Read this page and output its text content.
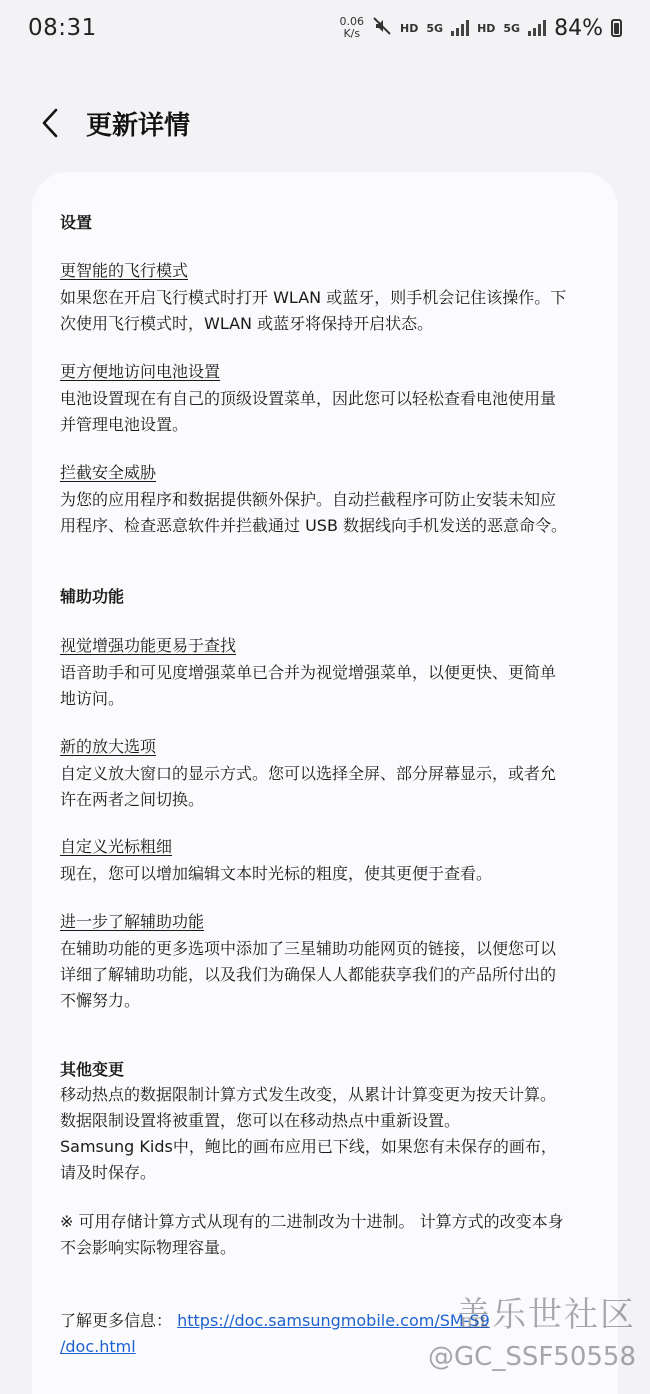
08:31	0.06
K/s	HD 5G	HD 5G 84%
更新详情

设置

更智能的飞行模式

如果您在开启飞行模式时打开 WLAN 或蓝牙，则手机会记住该操作。下

次使用飞行模式时，WLAN 或蓝牙将保持开启状态。

更方便地访问电池设置

电池设置现在有自己的顶级设置菜单，因此您可以轻松查看电池使用量

并管理电池设置。

拦截安全威胁

为您的应用程序和数据提供额外保护。自动拦截程序可防止安装未知应

用程序、检查恶意软件并拦截通过 USB 数据线向手机发送的恶意命令。

辅助功能

视觉增强功能更易于查找

语音助手和可见度增强菜单已合并为视觉增强菜单，以便更快、更简单

地访问。

新的放大选项

自定义放大窗口的显示方式。您可以选择全屏、部分屏幕显示，或者允

许在两者之间切换。

自定义光标粗细

现在，您可以增加编辑文本时光标的粗度，使其更便于查看。

进一步了解辅助功能

在辅助功能的更多选项中添加了三星辅助功能网页的链接，以便您可以

详细了解辅助功能，以及我们为确保人人都能获享我们的产品所付出的

不懈努力。

其他变更

移动热点的数据限制计算方式发生改变，从累计计算变更为按天计算。

数据限制设置将被重置，您可以在移动热点中重新设置。

Samsung Kids中，鲍比的画布应用已下线，如果您有未保存的画布，

请及时保存。

※ 可用存储计算方式从现有的二进制改为十进制。 计算方式的改变本身

不会影响实际物理容量。

了解更多信息： https://doc.samsungmobile.com/SM-S9
/doc.html
盖乐世社区
@GC_SSF50558
